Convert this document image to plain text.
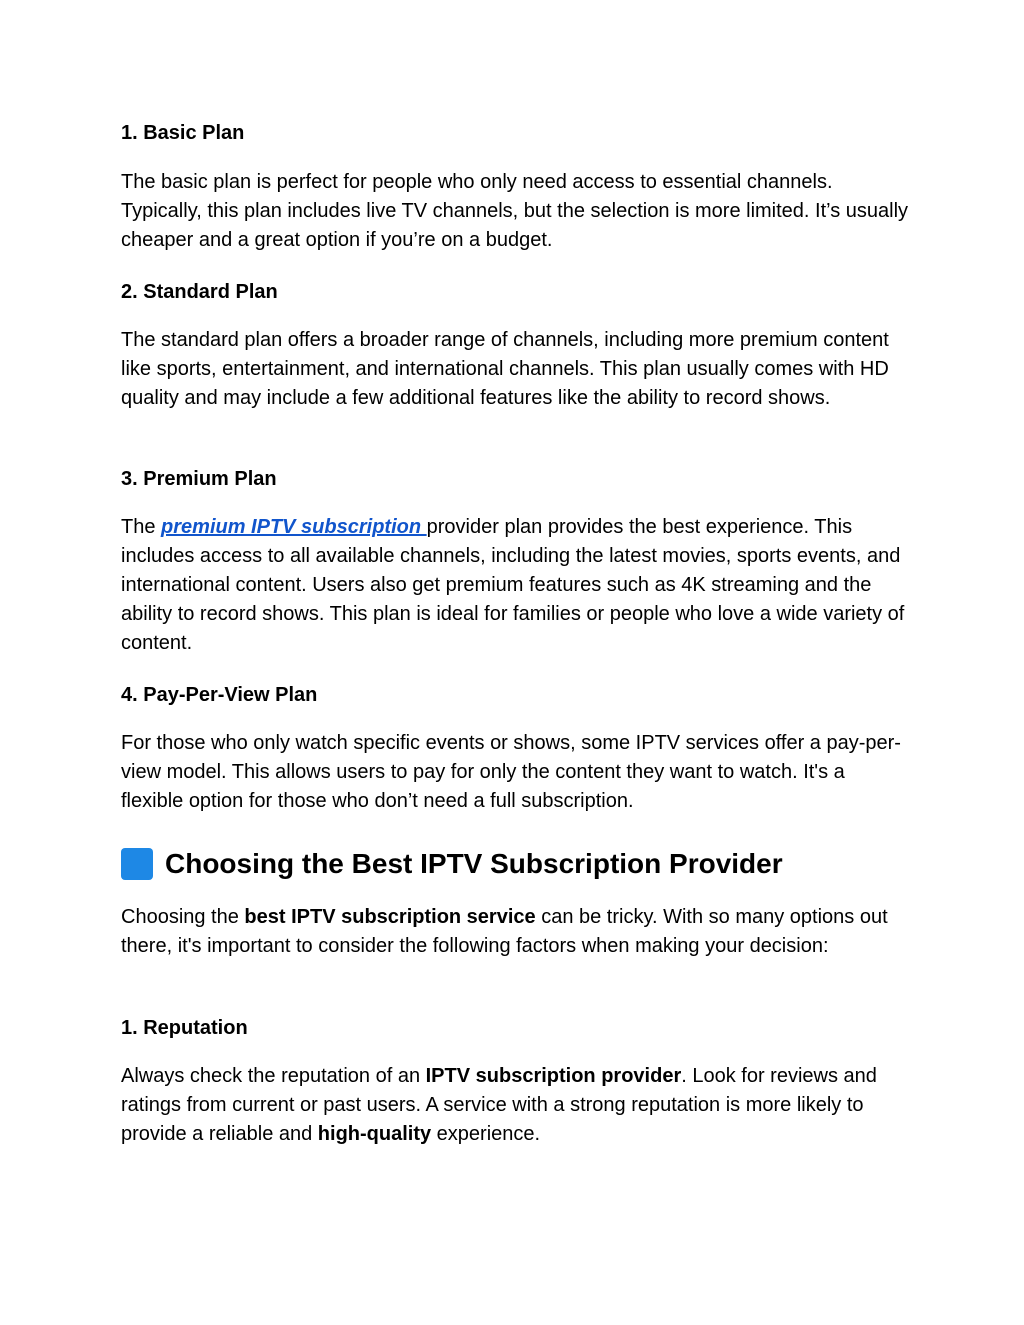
1. Basic Plan

The basic plan is perfect for people who only need access to essential channels. Typically, this plan includes live TV channels, but the selection is more limited. It’s usually cheaper and a great option if you’re on a budget.

2. Standard Plan

The standard plan offers a broader range of channels, including more premium content like sports, entertainment, and international channels. This plan usually comes with HD quality and may include a few additional features like the ability to record shows.

3. Premium Plan

The premium IPTV subscription provider plan provides the best experience. This includes access to all available channels, including the latest movies, sports events, and international content. Users also get premium features such as 4K streaming and the ability to record shows. This plan is ideal for families or people who love a wide variety of content.

4. Pay-Per-View Plan

For those who only watch specific events or shows, some IPTV services offer a pay-per-view model. This allows users to pay for only the content they want to watch. It's a flexible option for those who don’t need a full subscription.

Choosing the Best IPTV Subscription Provider

Choosing the best IPTV subscription service can be tricky. With so many options out there, it's important to consider the following factors when making your decision:

1. Reputation

Always check the reputation of an IPTV subscription provider. Look for reviews and ratings from current or past users. A service with a strong reputation is more likely to provide a reliable and high-quality experience.
